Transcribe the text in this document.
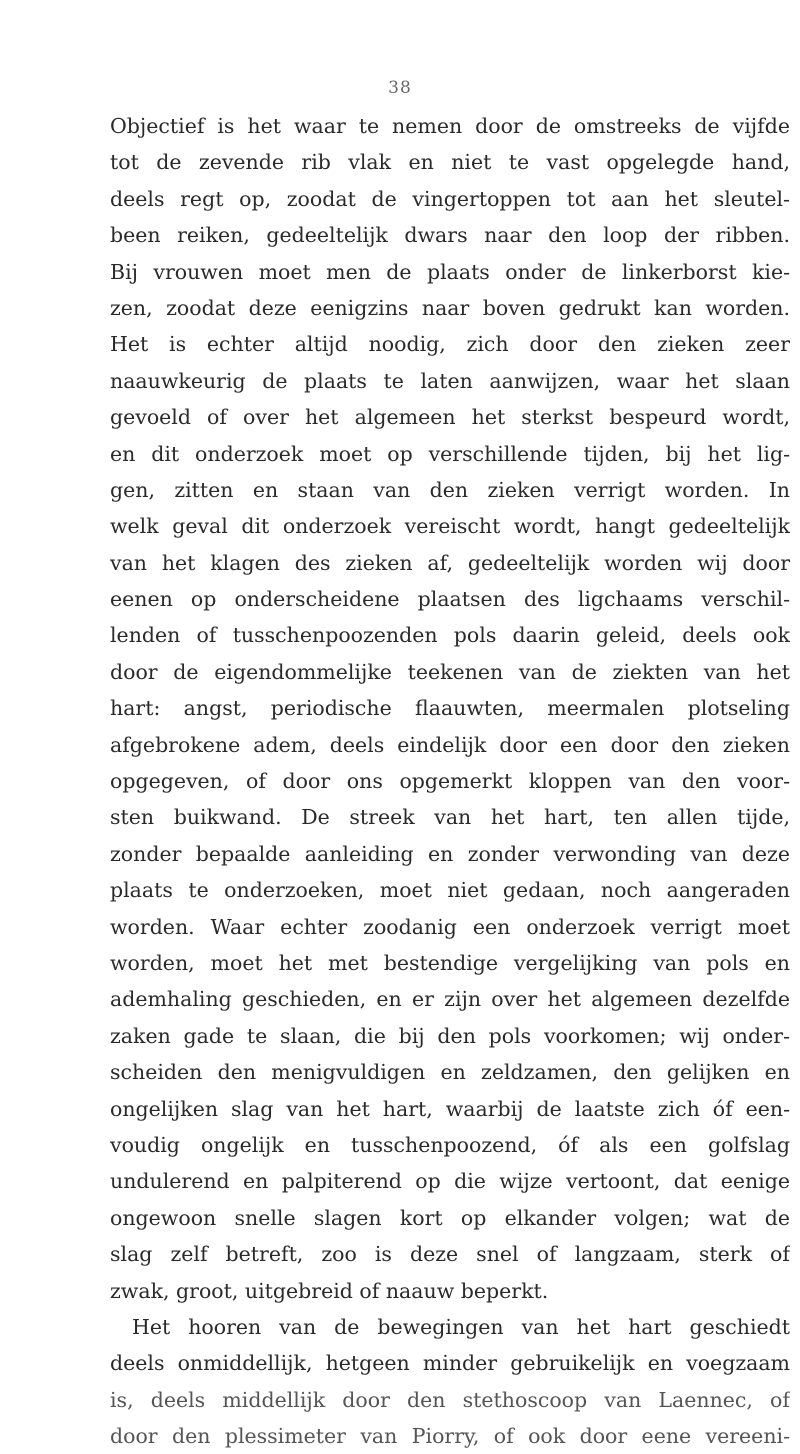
38
Objectief is het waar te nemen door de omstreeks de vijfde
tot de zevende rib vlak en niet te vast opgelegde hand,
deels regt op, zoodat de vingertoppen tot aan het sleutel-
been reiken, gedeeltelijk dwars naar den loop der ribben.
Bij vrouwen moet men de plaats onder de linkerborst kie-
zen, zoodat deze eenigzins naar boven gedrukt kan worden.
Het is echter altijd noodig, zich door den zieken zeer
naauwkeurig de plaats te laten aanwijzen, waar het slaan
gevoeld of over het algemeen het sterkst bespeurd wordt,
en dit onderzoek moet op verschillende tijden, bij het lig-
gen, zitten en staan van den zieken verrigt worden. In
welk geval dit onderzoek vereischt wordt, hangt gedeeltelijk
van het klagen des zieken af, gedeeltelijk worden wij door
eenen op onderscheidene plaatsen des ligchaams verschil-
lenden of tusschenpoozenden pols daarin geleid, deels ook
door de eigendommelijke teekenen van de ziekten van het
hart: angst, periodische flaauwten, meermalen plotseling
afgebrokene adem, deels eindelijk door een door den zieken
opgegeven, of door ons opgemerkt kloppen van den voor-
sten buikwand. De streek van het hart, ten allen tijde,
zonder bepaalde aanleiding en zonder verwonding van deze
plaats te onderzoeken, moet niet gedaan, noch aangeraden
worden. Waar echter zoodanig een onderzoek verrigt moet
worden, moet het met bestendige vergelijking van pols en
ademhaling geschieden, en er zijn over het algemeen dezelfde
zaken gade te slaan, die bij den pols voorkomen; wij onder-
scheiden den menigvuldigen en zeldzamen, den gelijken en
ongelijken slag van het hart, waarbij de laatste zich óf een-
voudig ongelijk en tusschenpoozend, óf als een golfslag
undulerend en palpiterend op die wijze vertoont, dat eenige
ongewoon snelle slagen kort op elkander volgen; wat de
slag zelf betreft, zoo is deze snel of langzaam, sterk of
zwak, groot, uitgebreid of naauw beperkt.
Het hooren van de bewegingen van het hart geschiedt
deels onmiddellijk, hetgeen minder gebruikelijk en voegzaam
is, deels middellijk door den stethoscoop van Laennec, of
door den plessimeter van Piorry, of ook door eene vereeni-
